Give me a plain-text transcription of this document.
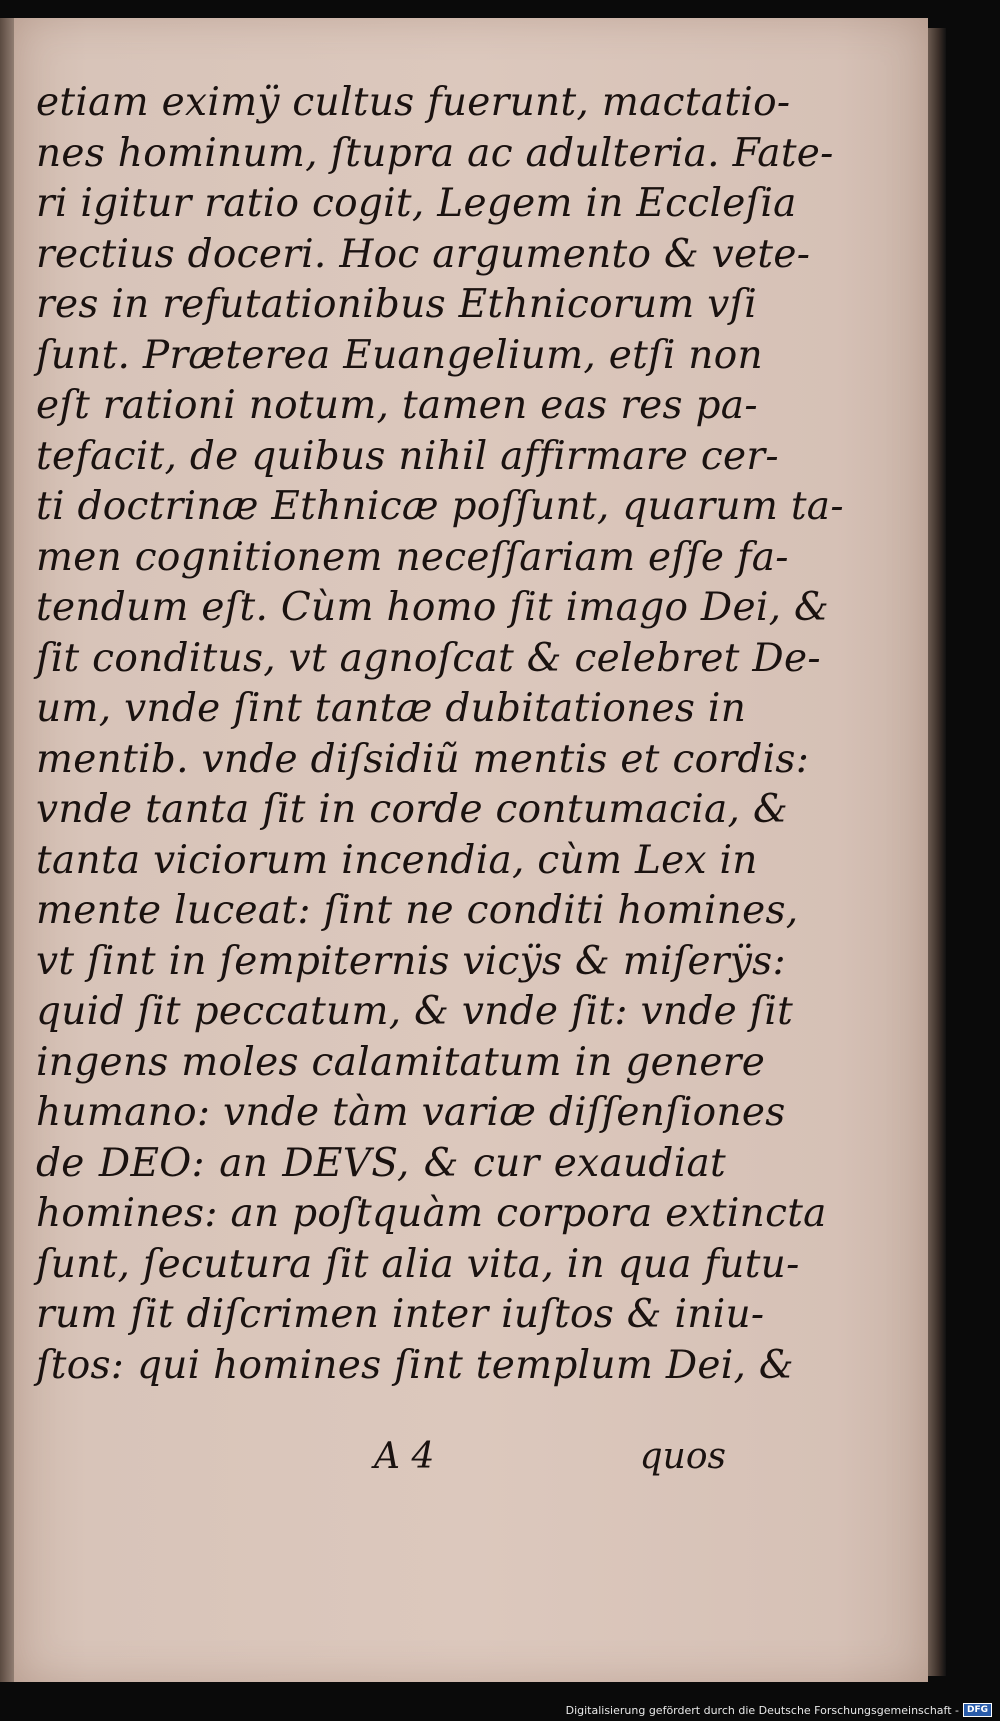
etiam eximÿ cultus fuerunt, mactatio-
nes hominum, ſtupra ac adulteria. Fate-
ri igitur ratio cogit, Legem in Eccleſia
rectius doceri. Hoc argumento & vete-
res in refutationibus Ethnicorum vſi
ſunt. Præterea Euangelium, etſi non
eſt rationi notum, tamen eas res pa-
tefacit, de quibus nihil affirmare cer-
ti doctrinæ Ethnicæ poſſunt, quarum ta-
men cognitionem neceſſariam eſſe fa-
tendum eſt. Cùm homo ſit imago Dei, &
ſit conditus, vt agnoſcat & celebret De-
um, vnde ſint tantæ dubitationes in
mentib. vnde diſsidiũ mentis et cordis:
vnde tanta ſit in corde contumacia, &
tanta viciorum incendia, cùm Lex in
mente luceat: ſint ne conditi homines,
vt ſint in ſempiternis vicÿs & miſerÿs:
quid ſit peccatum, & vnde ſit: vnde ſit
ingens moles calamitatum in genere
humano: vnde tàm variæ diſſenſiones
de DEO: an DEVS, & cur exaudiat
homines: an poſtquàm corpora extincta
ſunt, ſecutura ſit alia vita, in qua futu-
rum ſit diſcrimen inter iuſtos & iniu-
ſtos: qui homines ſint templum Dei, &
A 4	quos
Digitalisierung gefördert durch die Deutsche Forschungsgemeinschaft - DFG
